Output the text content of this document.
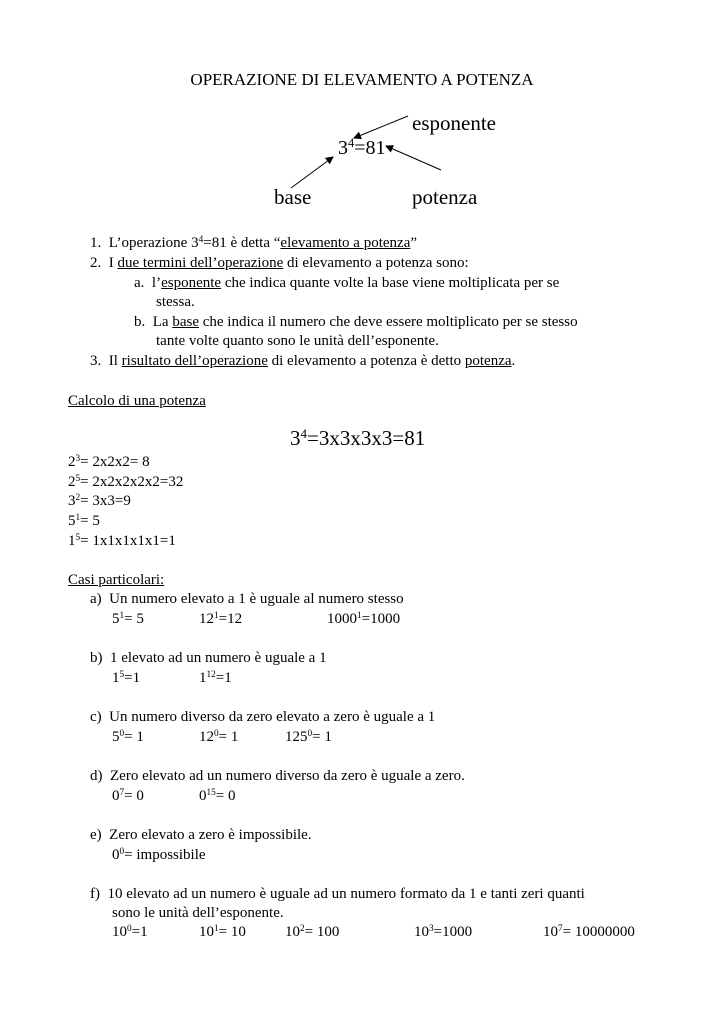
OPERAZIONE DI ELEVAMENTO A POTENZA
$3^4=81$
esponente
base	potenza
1. L’operazione $3^4=81$ è detta “elevamento a potenza”
2. I due termini dell’operazione di elevamento a potenza sono:
a. l’esponente che indica quante volte la base viene moltiplicata per se
stessa.
b. La base che indica il numero che deve essere moltiplicato per se stesso
tante volte quanto sono le unità dell’esponente.
3. Il risultato dell’operazione di elevamento a potenza è detto potenza.
Calcolo di una potenza
$3^4=3x3x3x3=81$
$2^3= 2x2x2= 8$
$2^5= 2x2x2x2x2=32$
$3^2= 3x3=9$
$5^1= 5$
$1^5= 1x1x1x1x1=1$
Casi particolari:
a) Un numero elevato a 1 è uguale al numero stesso
$5^1= 5$	$12^1=12$	$1000^1=1000$
b) 1 elevato ad un numero è uguale a 1
$1^5=1$	$1^{12}=1$
c) Un numero diverso da zero elevato a zero è uguale a 1
$5^0= 1$	$12^0= 1$	$125^0= 1$
d) Zero elevato ad un numero diverso da zero è uguale a zero.
$0^7= 0$	$0^{15}= 0$
e) Zero elevato a zero è impossibile.
$0^0=$ impossibile
f) 10 elevato ad un numero è uguale ad un numero formato da 1 e tanti zeri quanti
sono le unità dell’esponente.
$10^0=1$	$10^1= 10$	$10^2= 100$	$10^3=1000$	$10^7= 10000000$
